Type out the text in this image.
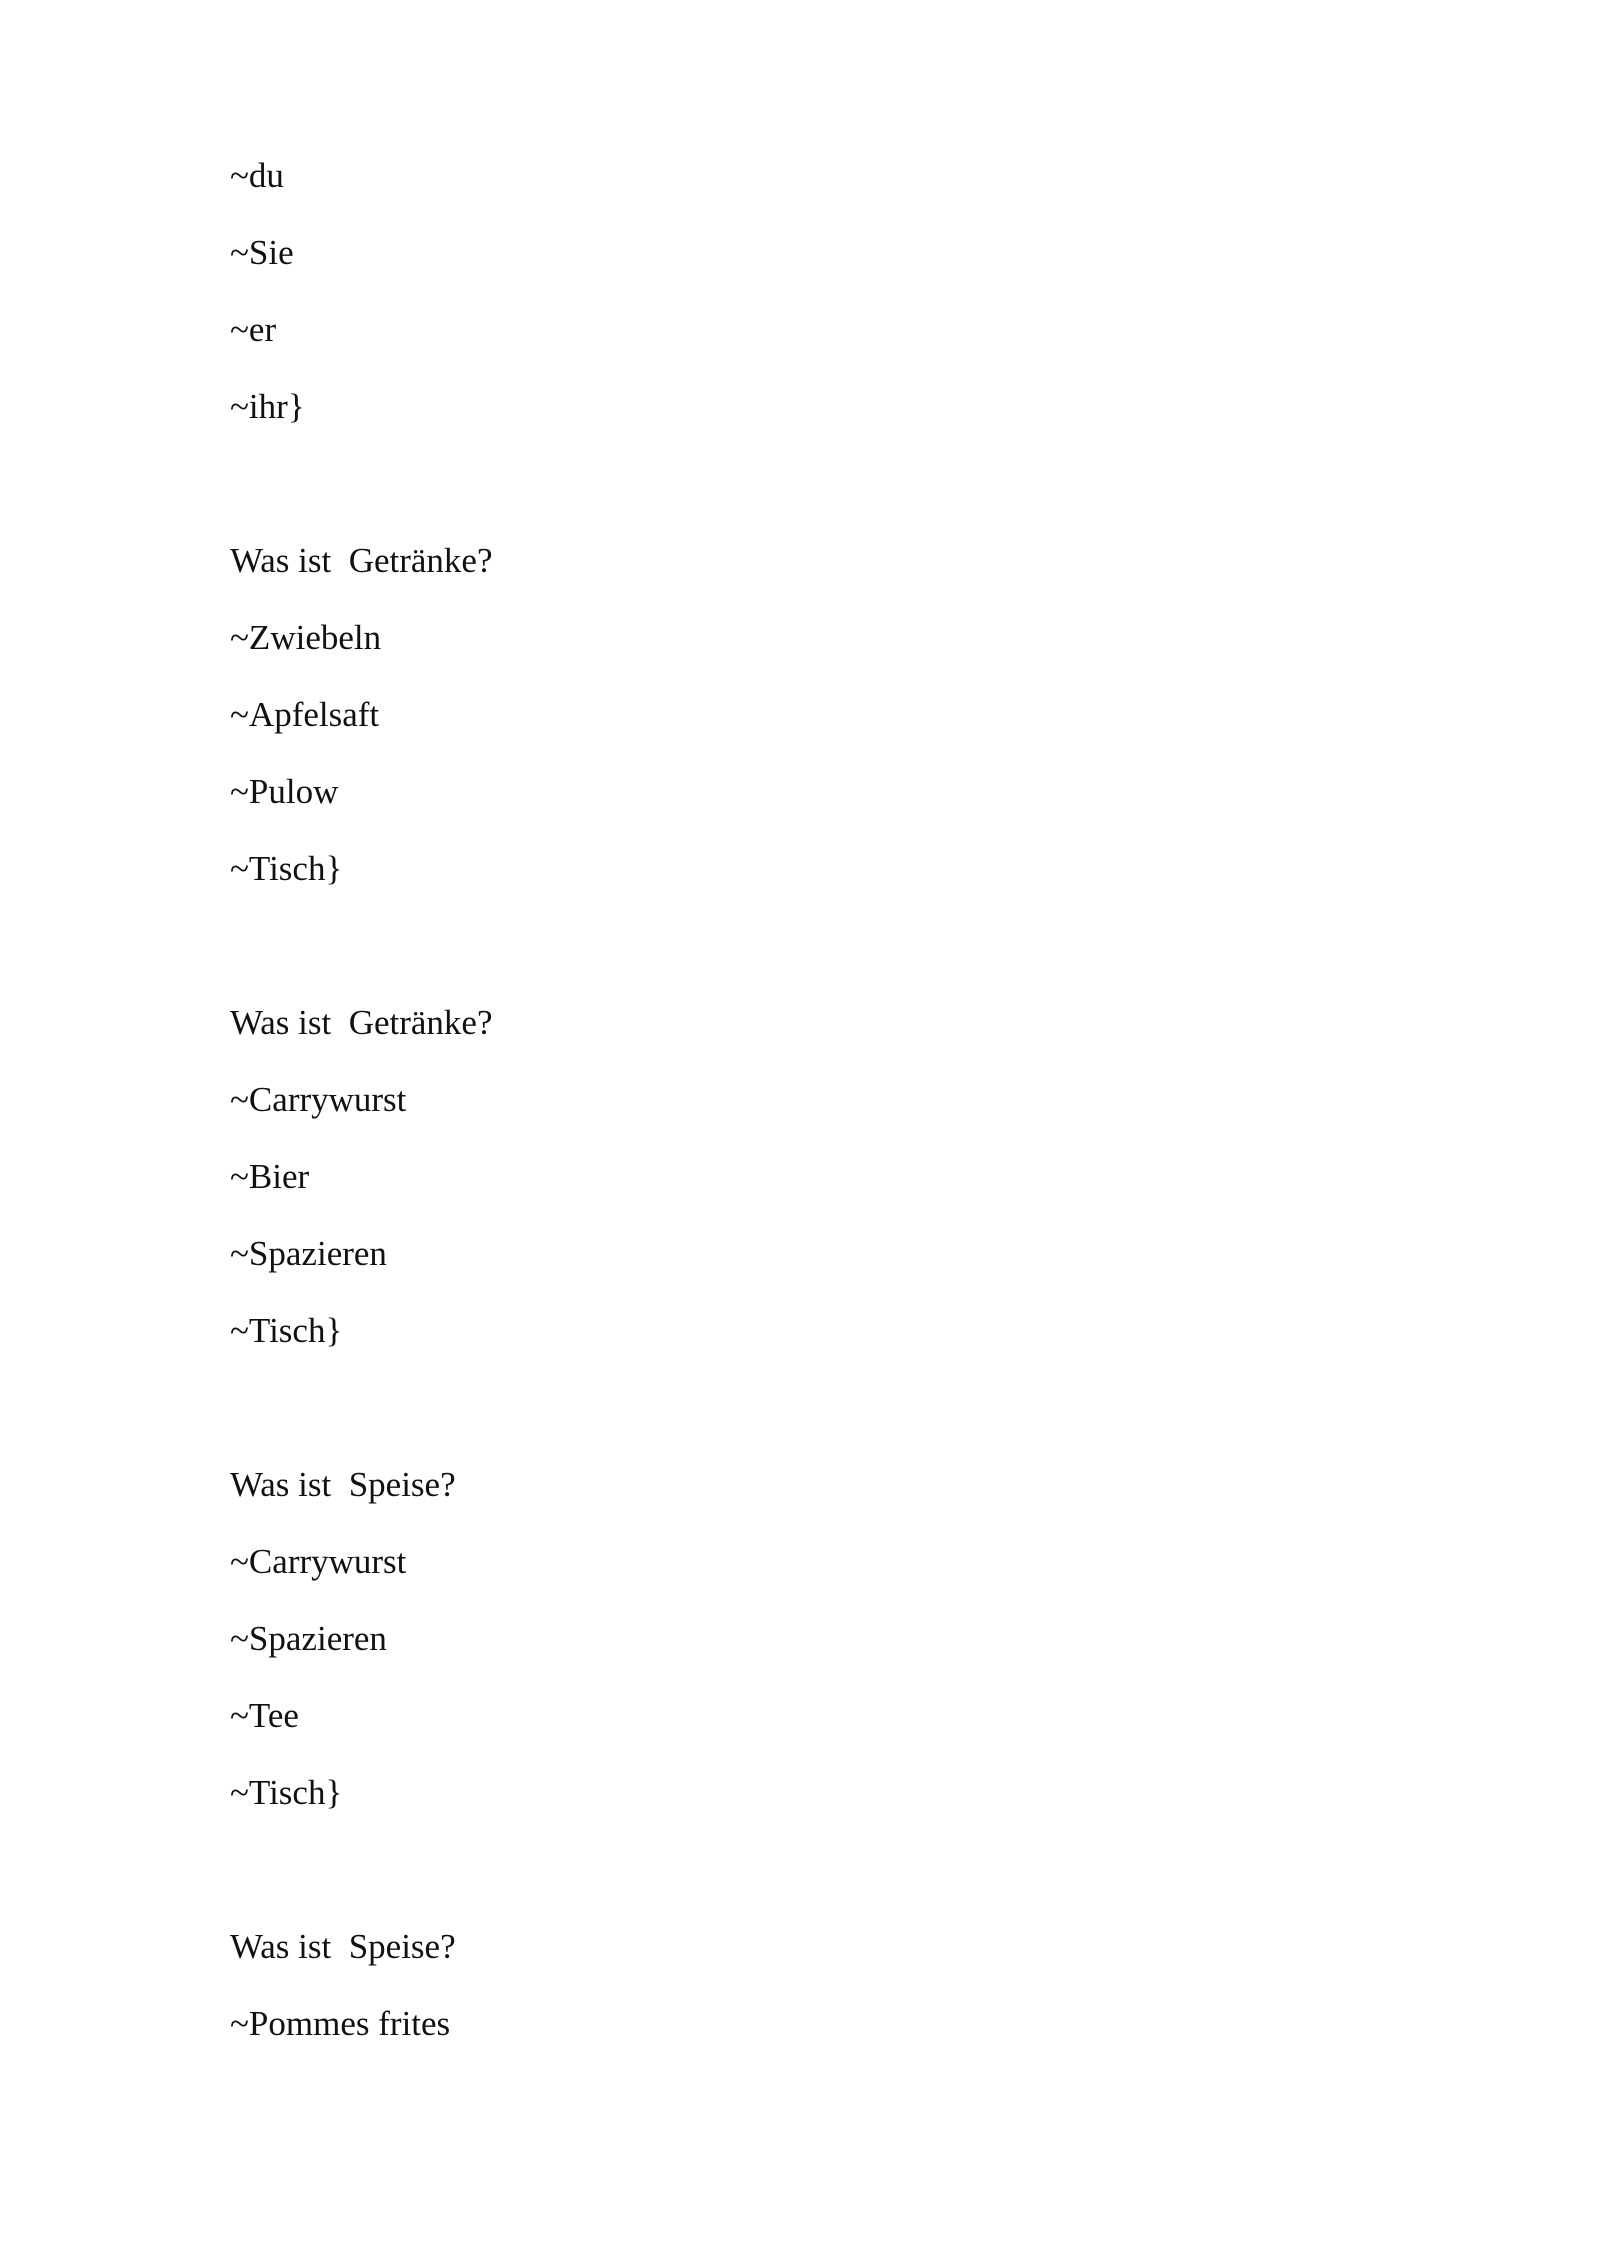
~du
~Sie
~er
~ihr}
Was ist  Getränke?
~Zwiebeln
~Apfelsaft
~Pulow
~Tisch}
Was ist  Getränke?
~Carrywurst
~Bier
~Spazieren
~Tisch}
Was ist  Speise?
~Carrywurst
~Spazieren
~Tee
~Tisch}
Was ist  Speise?
~Pommes frites
